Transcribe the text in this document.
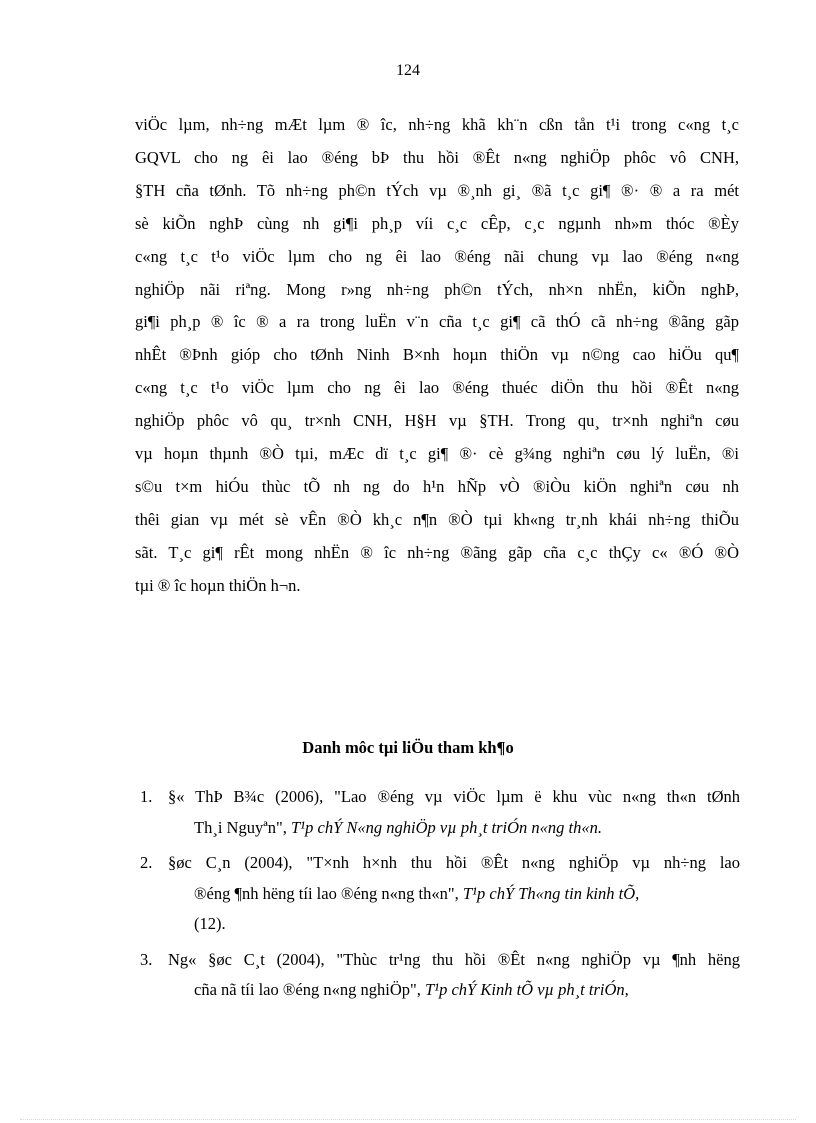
124
viÖc lµm, nh÷ng mÆt lµm ® îc, nh÷ng khã kh¨n cßn tån t¹i trong c«ng t¸c
GQVL cho ng êi lao ®éng bÞ thu hồi ®Êt n«ng nghiÖp phôc vô CNH,
§TH cña tØnh. Tõ nh÷ng ph©n tÝch vµ ®¸nh gi¸ ®ã t¸c gi¶ ®· ® a ra mét
sè kiÕn nghÞ cùng nh gi¶i ph¸p víi c¸c cÊp, c¸c ngµnh nh»m thóc ®Èy
c«ng t¸c t¹o viÖc lµm cho ng êi lao ®éng nãi chung vµ lao ®éng n«ng
nghiÖp nãi riªng. Mong r»ng nh÷ng ph©n tÝch, nh×n nhËn, kiÕn nghÞ,
gi¶i ph¸p ® îc ® a ra trong luËn v¨n cña t¸c gi¶ cã thÓ cã nh÷ng ®ãng gãp
nhÊt ®Þnh gióp cho tØnh Ninh B×nh hoµn thiÖn vµ n©ng cao hiÖu qu¶
c«ng t¸c t¹o viÖc lµm cho ng êi lao ®éng thuéc diÖn thu hồi ®Êt n«ng
nghiÖp phôc vô qu¸ tr×nh CNH, H§H vµ §TH. Trong qu¸ tr×nh nghiªn cøu
vµ hoµn thµnh ®Ò tµi, mÆc dï t¸c gi¶ ®· cè g¾ng nghiªn cøu lý luËn, ®i
s©u t×m hiÓu thùc tÕ nh ng do h¹n hÑp vÒ ®iÒu kiÖn nghiªn cøu nh
thêi gian vµ mét sè vÊn ®Ò kh¸c n¶n ®Ò tµi kh«ng tr¸nh khái nh÷ng thiÕu
sãt. T¸c gi¶ rÊt mong nhËn ® îc nh÷ng ®ãng gãp cña c¸c thÇy c« ®Ó ®Ò
tµi ® îc hoµn thiÖn h¬n.
Danh môc tµi liÖu tham kh¶o
1. §« ThÞ B¾c (2006), "Lao ®éng vµ viÖc lµm ë khu vùc n«ng th«n tØnh
Th¸i Nguyªn", T¹p chÝ N«ng nghiÖp vµ ph¸t triÓn n«ng th«n.
2. §øc C¸n (2004), "T×nh h×nh thu hồi ®Êt n«ng nghiÖp vµ nh÷ng lao
®éng ¶nh hëng tíi lao ®éng n«ng th«n", T¹p chÝ Th«ng tin kinh tÕ,
(12).
3. Ng« §øc C¸t (2004), "Thùc tr¹ng thu hồi ®Êt n«ng nghiÖp vµ ¶nh hëng
cña nã tíi lao ®éng n«ng nghiÖp", T¹p chÝ Kinh tÕ vµ ph¸t triÓn,
